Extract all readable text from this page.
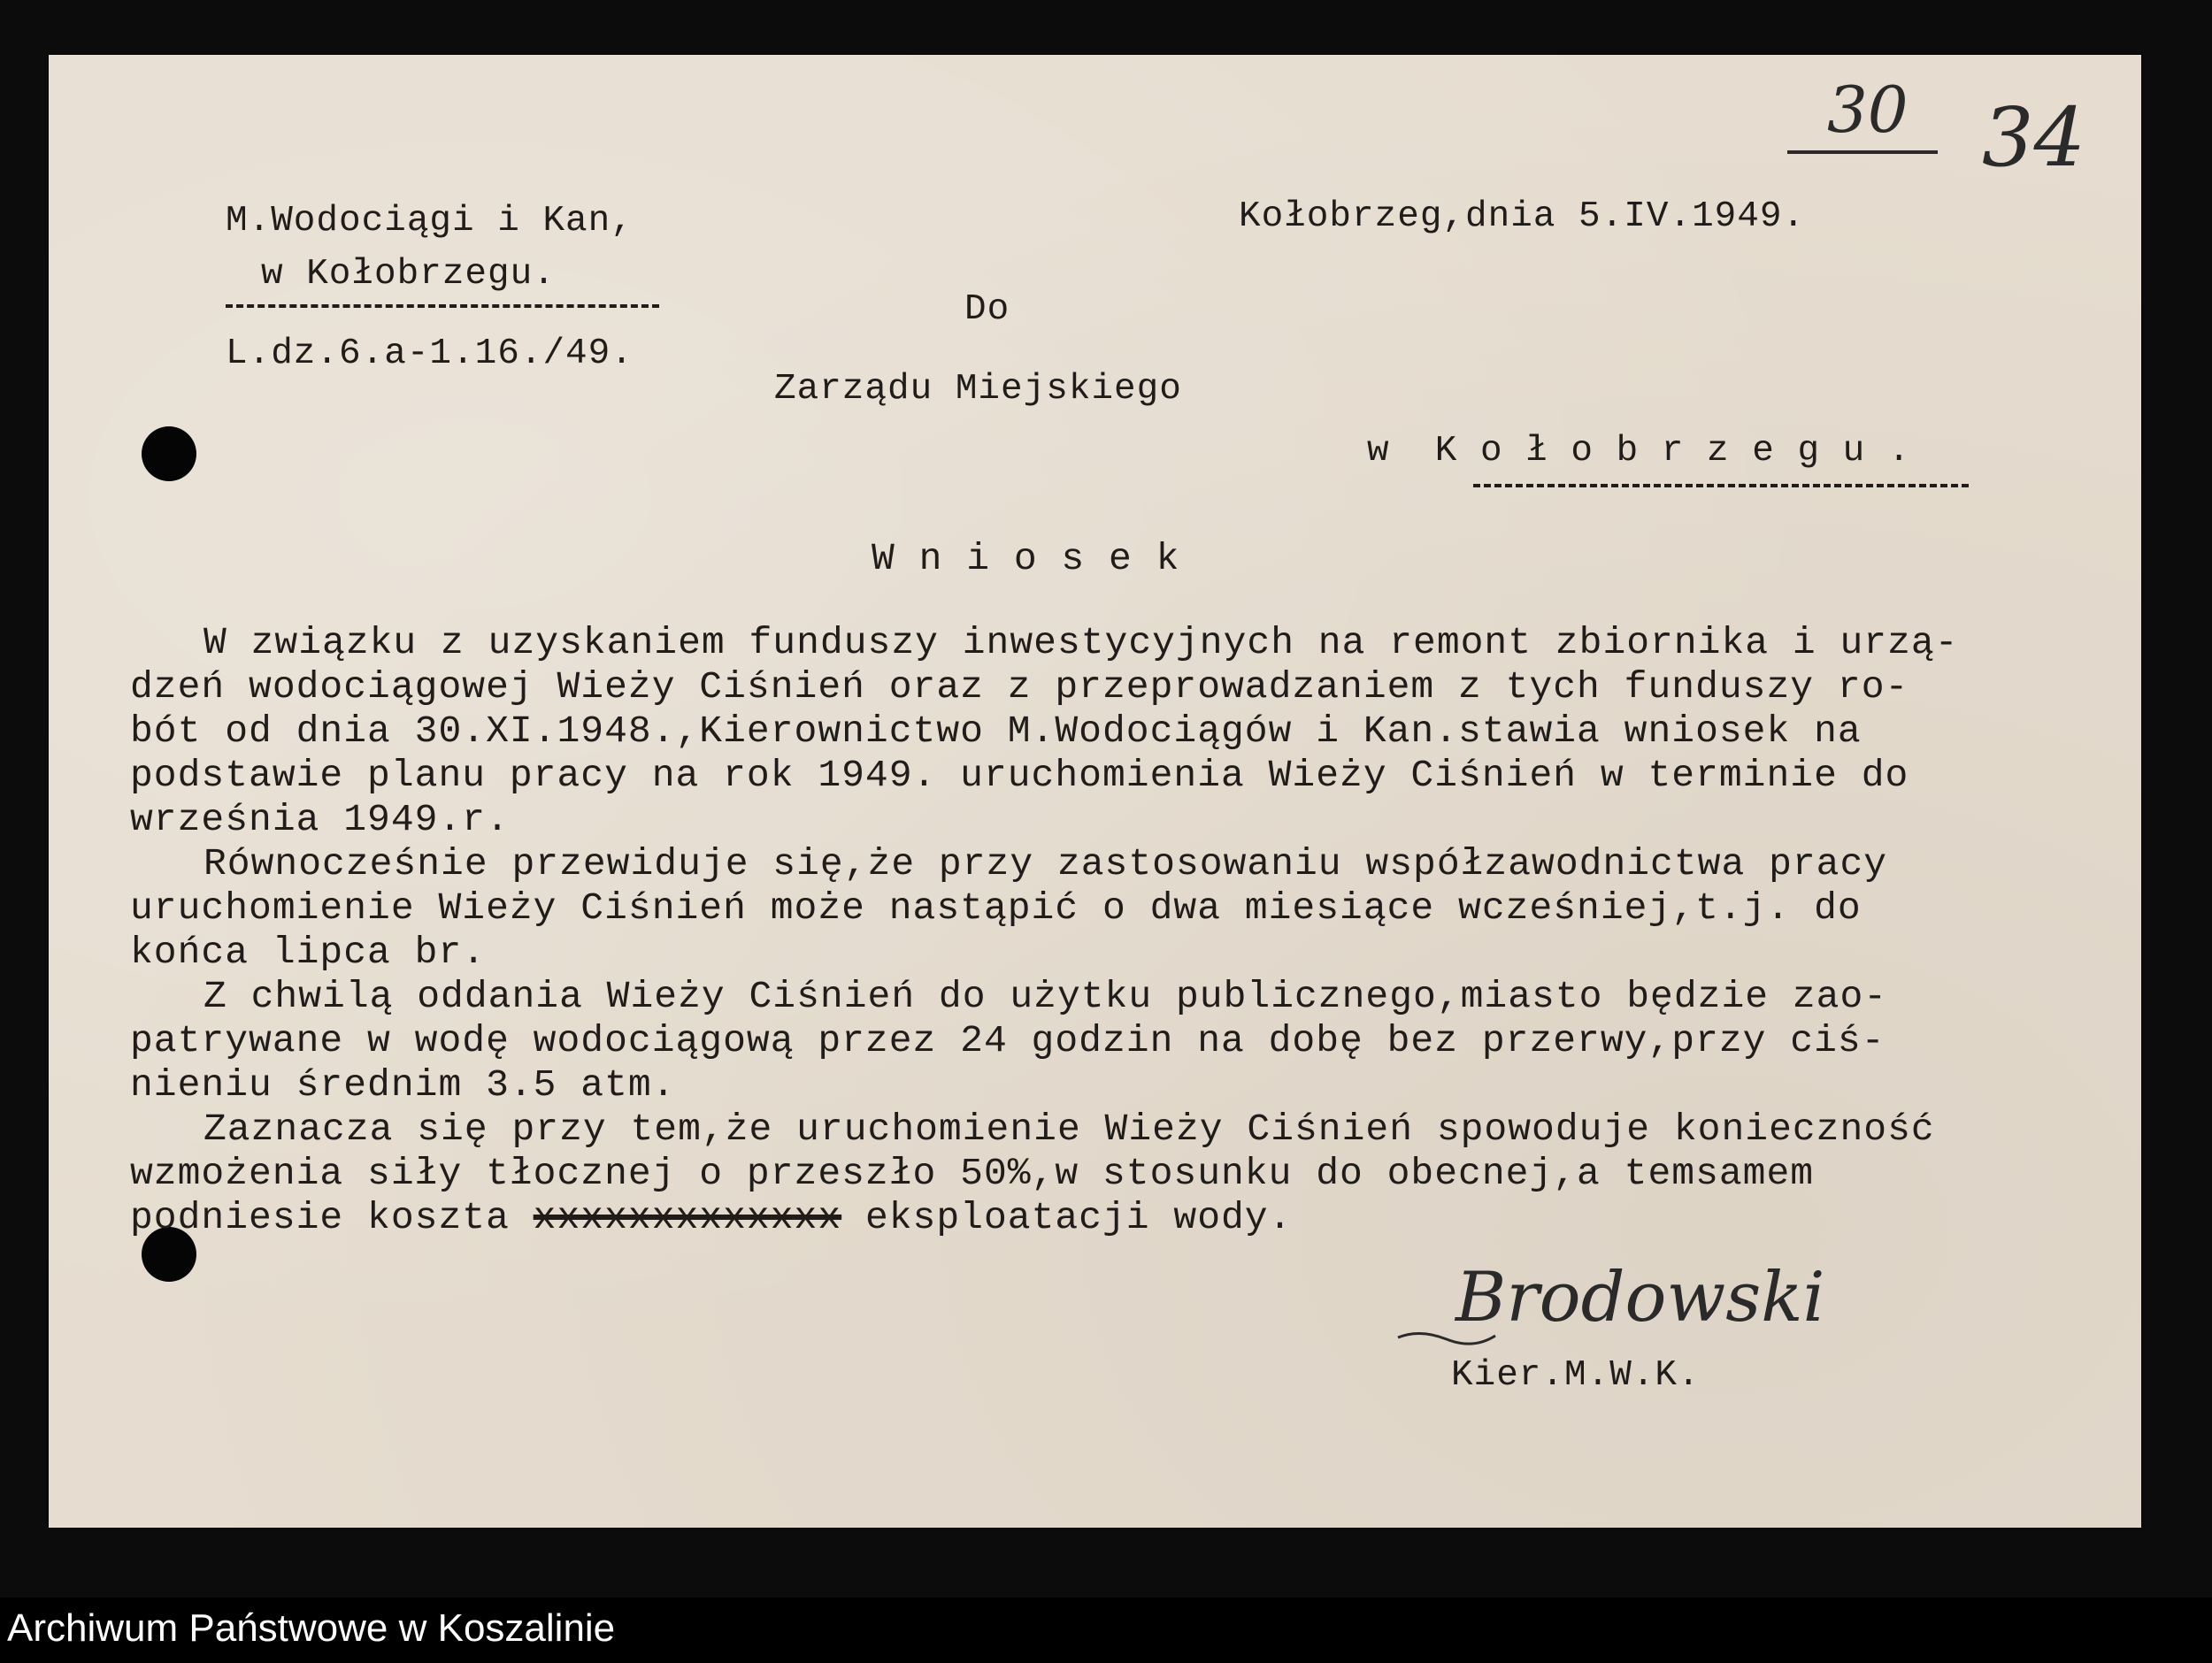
30 34
M.Wodociągi i Kan,
w Kołobrzegu.
L.dz.6.a-1.16./49.
Kołobrzeg,dnia 5.IV.1949.
Do
Zarządu Miejskiego
w  K o ł o b r z e g u .
W n i o s e k
W związku z uzyskaniem funduszy inwestycyjnych na remont zbiornika i urzą-
dzeń wodociągowej Wieży Ciśnień oraz z przeprowadzaniem z tych funduszy ro-
bót od dnia 30.XI.1948.,Kierownictwo M.Wodociągów i Kan.stawia wniosek na
podstawie planu pracy na rok 1949. uruchomienia Wieży Ciśnień w terminie do
września 1949.r.
Równocześnie przewiduje się,że przy zastosowaniu współzawodnictwa pracy
uruchomienie Wieży Ciśnień może nastąpić o dwa miesiące wcześniej,t.j. do
końca lipca br.
Z chwilą oddania Wieży Ciśnień do użytku publicznego,miasto będzie zao-
patrywane w wodę wodociągową przez 24 godzin na dobę bez przerwy,przy ciś-
nieniu średnim 3.5 atm.
Zaznacza się przy tem,że uruchomienie Wieży Ciśnień spowoduje konieczność
wzmożenia siły tłocznej o przeszło 50%,w stosunku do obecnej,a temsamem
podniesie koszta xxxxxxxxxxxxx eksploatacji wody.
Brodowski
Kier.M.W.K.
Archiwum Państwowe w Koszalinie
